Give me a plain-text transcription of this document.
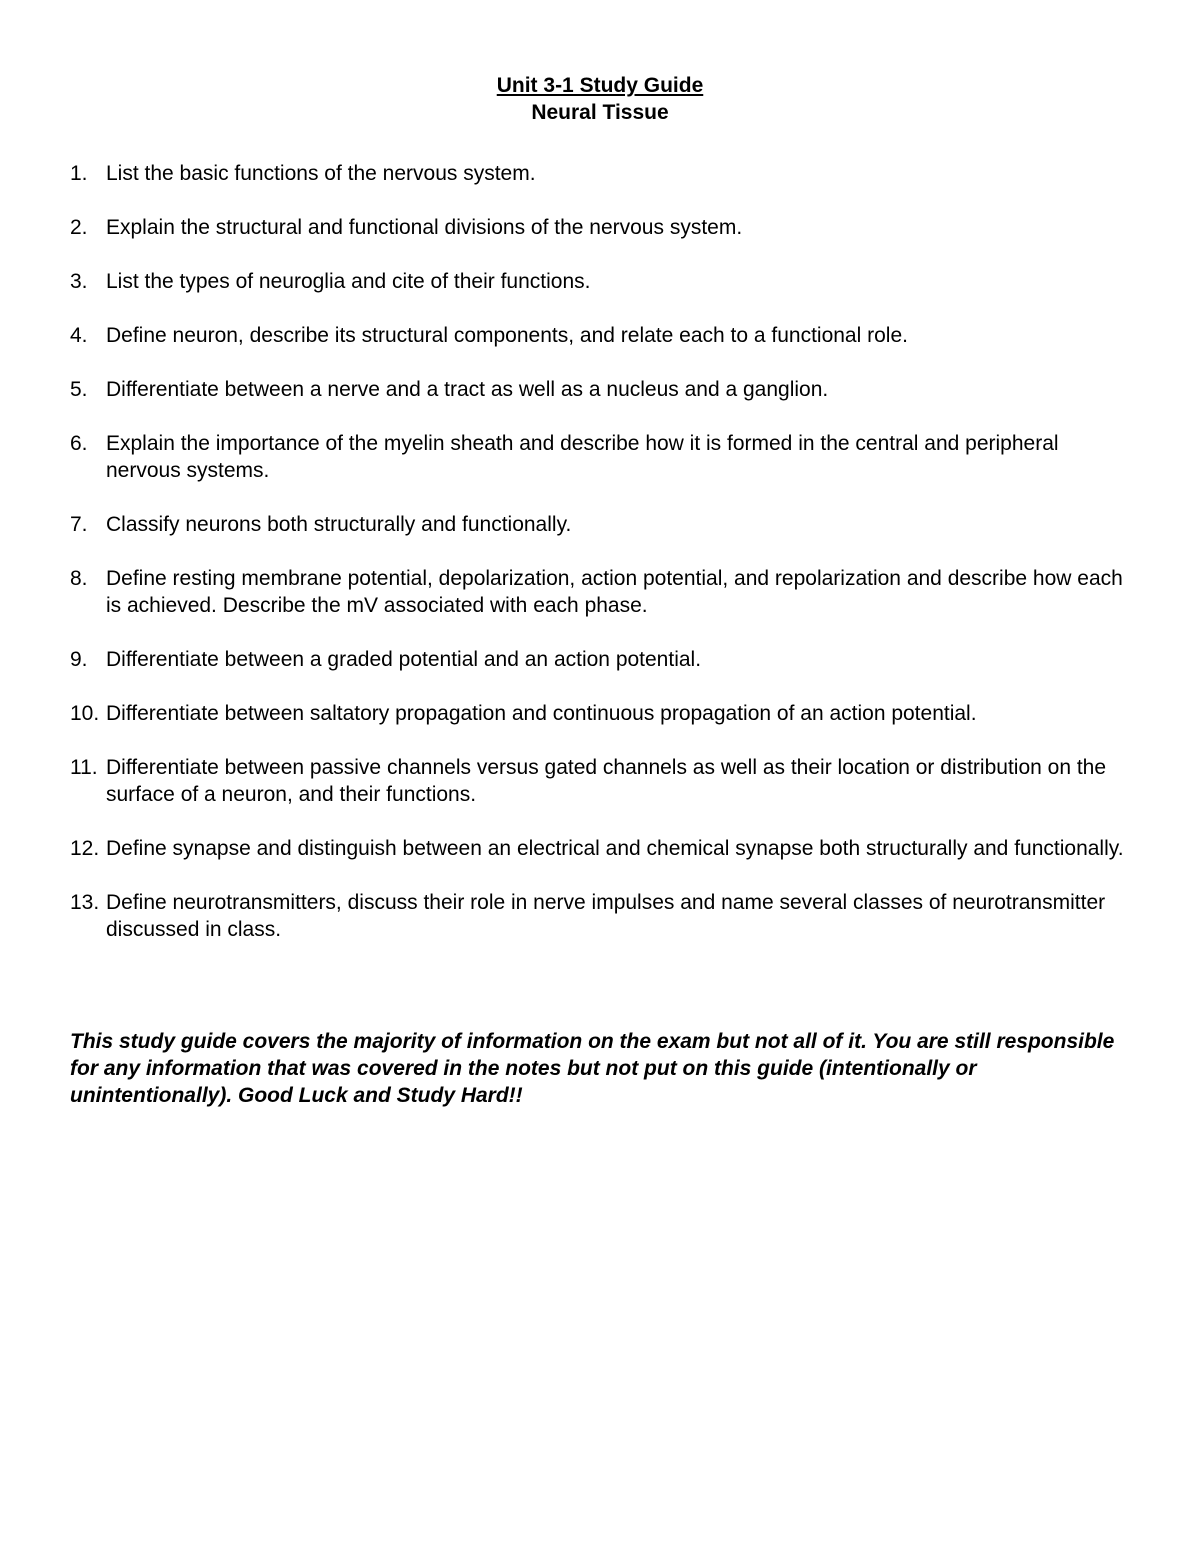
Unit 3-1 Study Guide
Neural Tissue
1. List the basic functions of the nervous system.
2. Explain the structural and functional divisions of the nervous system.
3. List the types of neuroglia and cite of their functions.
4. Define neuron, describe its structural components, and relate each to a functional role.
5. Differentiate between a nerve and a tract as well as a nucleus and a ganglion.
6. Explain the importance of the myelin sheath and describe how it is formed in the central and peripheral nervous systems.
7. Classify neurons both structurally and functionally.
8. Define resting membrane potential, depolarization, action potential, and repolarization and describe how each is achieved. Describe the mV associated with each phase.
9. Differentiate between a graded potential and an action potential.
10. Differentiate between saltatory propagation and continuous propagation of an action potential.
11. Differentiate between passive channels versus gated channels as well as their location or distribution on the surface of a neuron, and their functions.
12. Define synapse and distinguish between an electrical and chemical synapse both structurally and functionally.
13. Define neurotransmitters, discuss their role in nerve impulses and name several classes of neurotransmitter discussed in class.
This study guide covers the majority of information on the exam but not all of it. You are still responsible for any information that was covered in the notes but not put on this guide (intentionally or unintentionally). Good Luck and Study Hard!!
